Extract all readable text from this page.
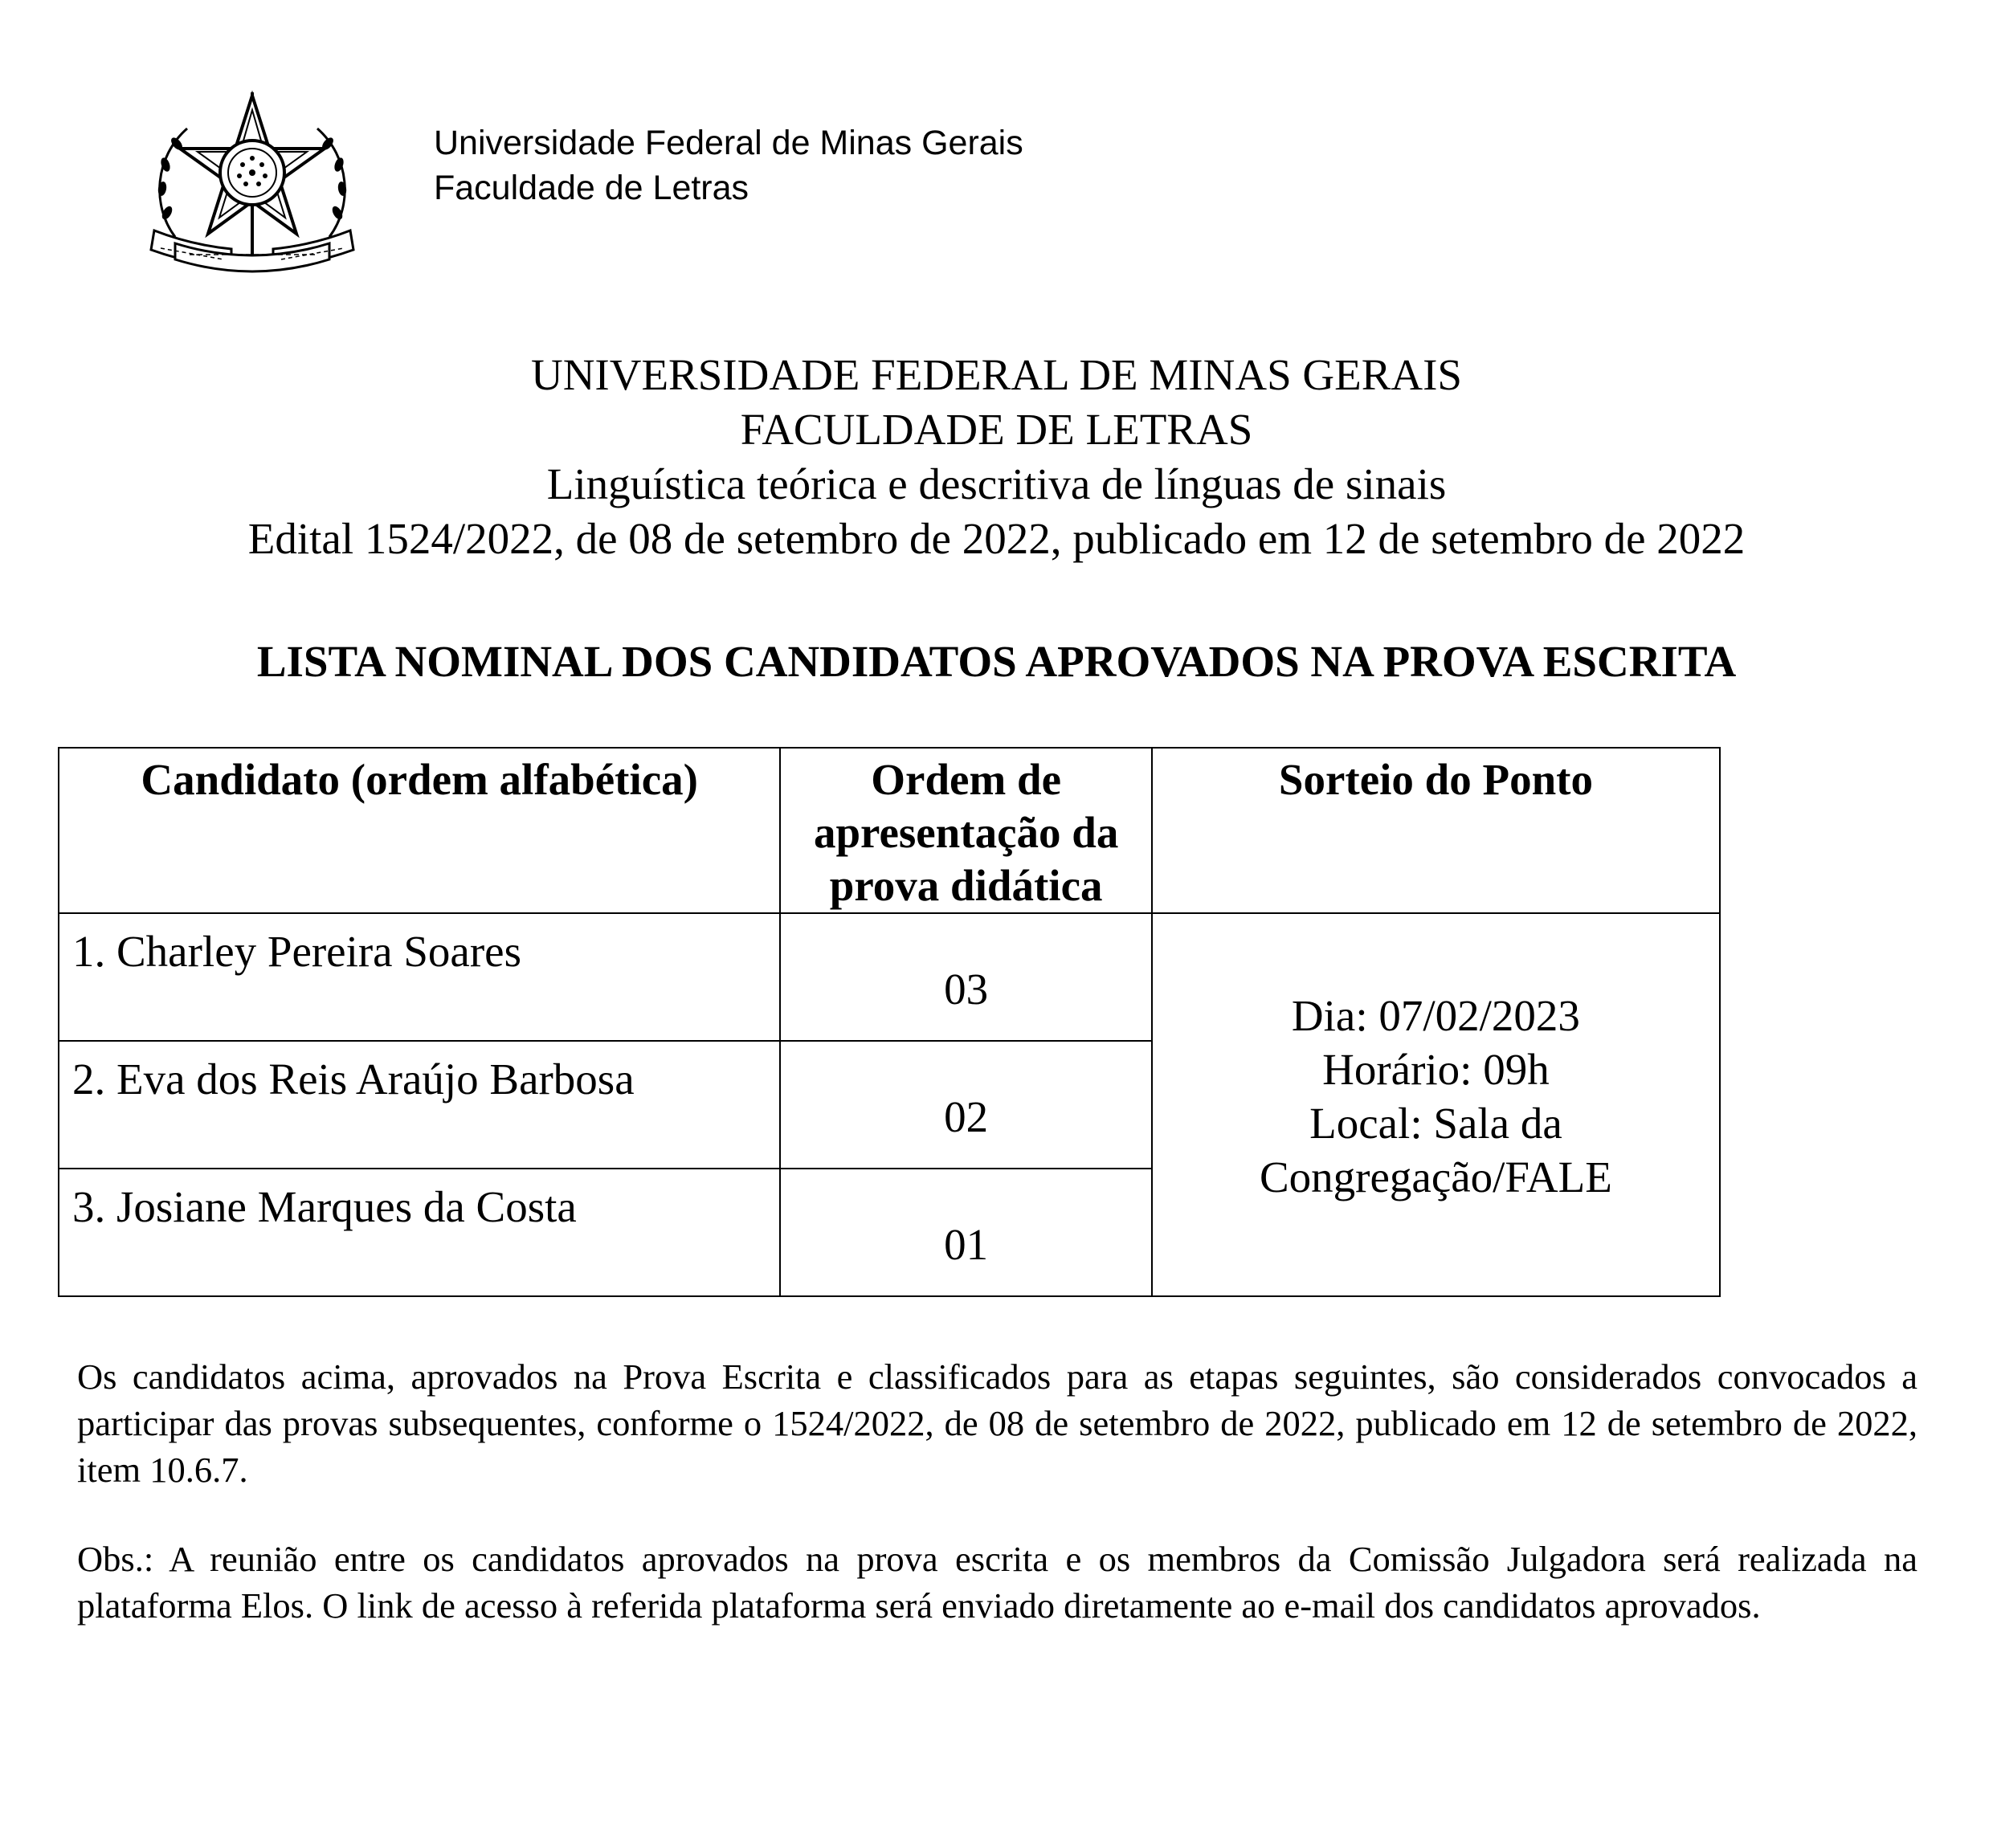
Universidade Federal de Minas Gerais
Faculdade de Letras
UNIVERSIDADE FEDERAL DE MINAS GERAIS
FACULDADE DE LETRAS
Linguística teórica e descritiva de línguas de sinais
Edital 1524/2022, de 08 de setembro de 2022, publicado em 12 de setembro de 2022
LISTA NOMINAL DOS CANDIDATOS APROVADOS NA PROVA ESCRITA
Candidato (ordem alfabética)	Ordem de
apresentação da
prova didática	Sorteio do Ponto
1. Charley Pereira Soares	03	Dia: 07/02/2023
Horário: 09h
Local: Sala da
Congregação/FALE

2. Eva dos Reis Araújo Barbosa	02	
3. Josiane Marques da Costa	01	
Os candidatos acima, aprovados na Prova Escrita e classificados para as etapas seguintes, são considerados convocados a participar das provas subsequentes, conforme o 1524/2022, de 08 de setembro de 2022, publicado em 12 de setembro de 2022, item 10.6.7.
Obs.: A reunião entre os candidatos aprovados na prova escrita e os membros da Comissão Julgadora será realizada na plataforma Elos. O link de acesso à referida plataforma será enviado diretamente ao e-mail dos candidatos aprovados.
